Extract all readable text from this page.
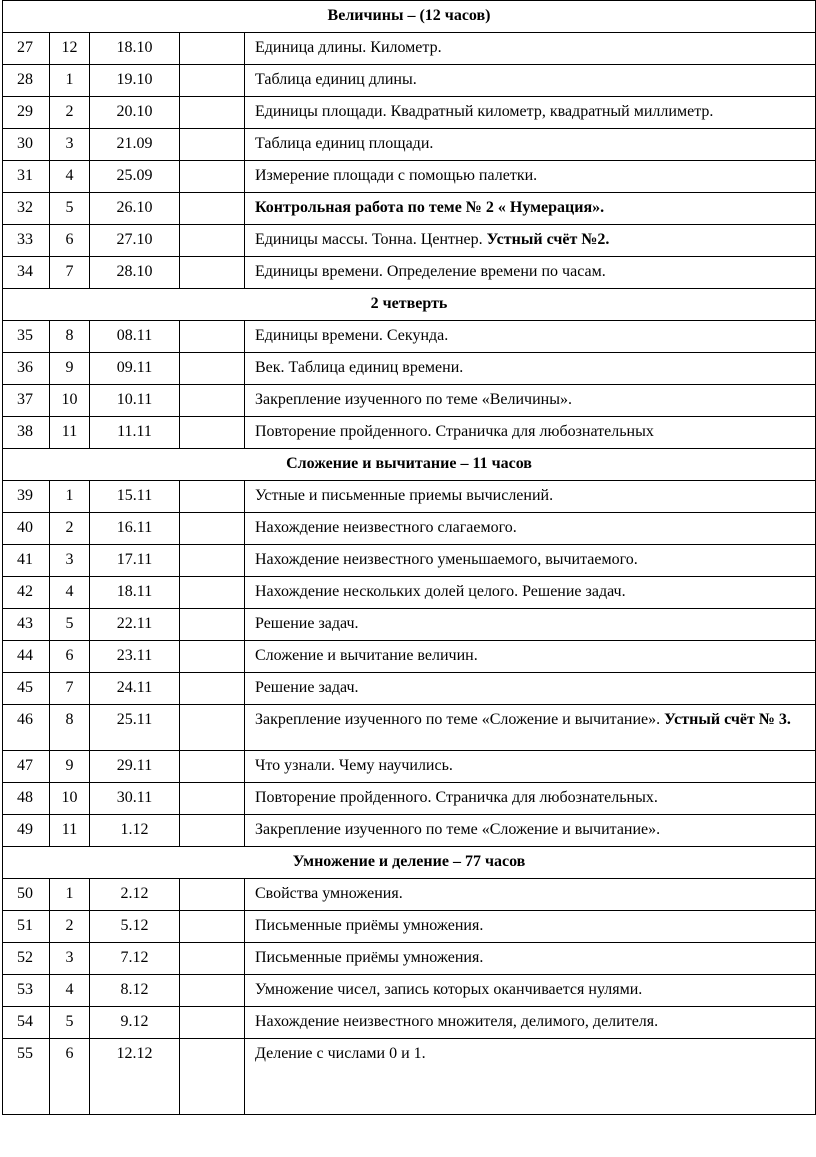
Величины – (12 часов)				
27	12	18.10		Единица длины. Километр.
28	1	19.10		Таблица единиц длины.
29	2	20.10		Единицы площади. Квадратный километр, квадратный миллиметр.
30	3	21.09		Таблица единиц площади.
31	4	25.09		Измерение площади с помощью палетки.
32	5	26.10		Контрольная работа по теме № 2 « Нумерация».
33	6	27.10		Единицы массы. Тонна. Центнер. Устный счёт №2.
34	7	28.10		Единицы времени. Определение времени по часам.
2 четверть				
35	8	08.11		Единицы времени. Секунда.
36	9	09.11		Век. Таблица единиц времени.
37	10	10.11		Закрепление изученного по теме «Величины».
38	11	11.11		Повторение пройденного. Страничка для любознательных
Сложение и вычитание – 11 часов				
39	1	15.11		Устные и письменные приемы вычислений.
40	2	16.11		Нахождение неизвестного слагаемого.
41	3	17.11		Нахождение неизвестного уменьшаемого, вычитаемого.
42	4	18.11		Нахождение нескольких долей целого. Решение задач.
43	5	22.11		Решение задач.
44	6	23.11		Сложение и вычитание величин.
45	7	24.11		Решение задач.
46	8	25.11		Закрепление изученного по теме «Сложение и вычитание». Устный счёт № 3.
47	9	29.11		Что узнали. Чему научились.
48	10	30.11		Повторение пройденного. Страничка для любознательных.
49	11	1.12		Закрепление изученного по теме «Сложение и вычитание».
Умножение и деление – 77 часов				
50	1	2.12		Свойства умножения.
51	2	5.12		Письменные приёмы умножения.
52	3	7.12		Письменные приёмы умножения.
53	4	8.12		Умножение чисел, запись которых оканчивается нулями.
54	5	9.12		Нахождение неизвестного множителя, делимого, делителя.
55	6	12.12		Деление с числами 0 и 1.
